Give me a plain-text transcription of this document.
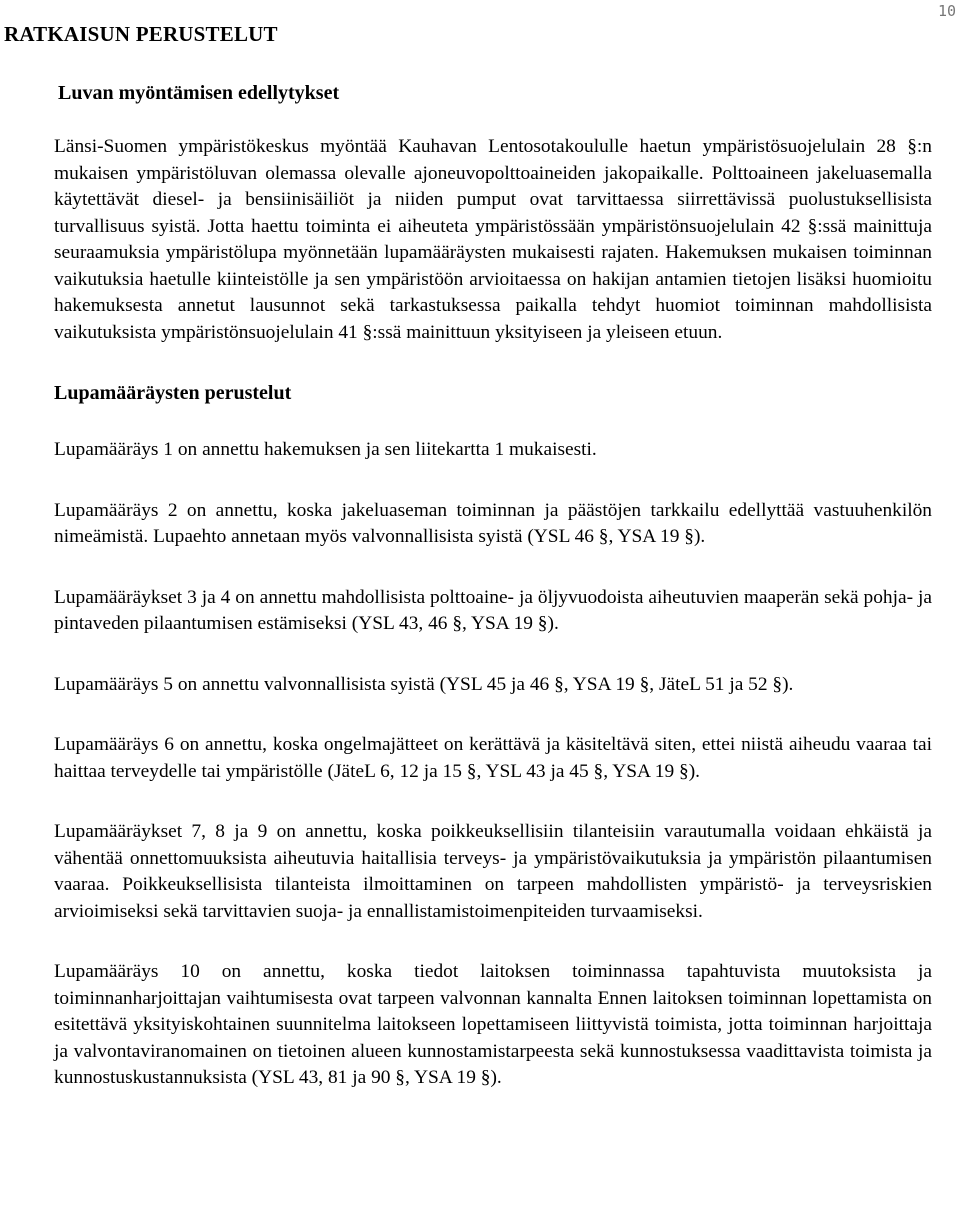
10
RATKAISUN PERUSTELUT
Luvan myöntämisen edellytykset

Länsi-Suomen ympäristökeskus myöntää Kauhavan Lentosotakoululle haetun ympäristösuojelulain 28 §:n mukaisen ympäristöluvan olemassa olevalle ajoneuvopolttoaineiden jakopaikalle. Polttoaineen jakeluasemalla käytettävät diesel- ja bensiinisäiliöt ja niiden pumput ovat tarvittaessa siirrettävissä puolustuksellisista turvallisuus syistä. Jotta haettu toiminta ei aiheuteta ympäristössään ympäristönsuojelulain 42 §:ssä mainittuja seuraamuksia ympäristölupa myönnetään lupamääräysten mukaisesti rajaten. Hakemuksen mukaisen toiminnan vaikutuksia haetulle kiinteistölle ja sen ympäristöön arvioitaessa on hakijan antamien tietojen lisäksi huomioitu hakemuksesta annetut lausunnot sekä tarkastuksessa paikalla tehdyt huomiot toiminnan mahdollisista vaikutuksista ympäristönsuojelulain 41 §:ssä mainittuun yksityiseen ja yleiseen etuun.

Lupamääräysten perustelut

Lupamääräys 1 on annettu hakemuksen ja sen liitekartta 1 mukaisesti.

Lupamääräys 2 on annettu, koska jakeluaseman toiminnan ja päästöjen tarkkailu edellyttää vastuuhenkilön nimeämistä. Lupaehto annetaan myös valvonnallisista syistä (YSL 46 §, YSA 19 §).

Lupamääräykset 3 ja 4 on annettu mahdollisista polttoaine- ja öljyvuodoista aiheutuvien maaperän sekä pohja- ja pintaveden pilaantumisen estämiseksi (YSL 43, 46 §, YSA 19 §).

Lupamääräys 5 on annettu valvonnallisista syistä (YSL 45 ja 46 §, YSA 19 §, JäteL 51 ja 52 §).

Lupamääräys 6 on annettu, koska ongelmajätteet on kerättävä ja käsiteltävä siten, ettei niistä aiheudu vaaraa tai haittaa terveydelle tai ympäristölle (JäteL 6, 12 ja 15 §, YSL 43 ja 45 §, YSA 19 §).

Lupamääräykset 7, 8 ja 9 on annettu, koska poikkeuksellisiin tilanteisiin varautumalla voidaan ehkäistä ja vähentää onnettomuuksista aiheutuvia haitallisia terveys- ja ympäristövaikutuksia ja ympäristön pilaantumisen vaaraa. Poikkeuksellisista tilanteista ilmoittaminen on tarpeen mahdollisten ympäristö- ja terveysriskien arvioimiseksi sekä tarvittavien suoja- ja ennallistamistoimenpiteiden turvaamiseksi.

Lupamääräys 10 on annettu, koska tiedot laitoksen toiminnassa tapahtuvista muutoksista ja toiminnanharjoittajan vaihtumisesta ovat tarpeen valvonnan kannalta Ennen laitoksen toiminnan lopettamista on esitettävä yksityiskohtainen suunnitelma laitokseen lopettamiseen liittyvistä toimista, jotta toiminnan harjoittaja ja valvontaviranomainen on tietoinen alueen kunnostamistarpeesta sekä kunnostuksessa vaadittavista toimista ja kunnostuskustannuksista (YSL 43, 81 ja 90 §, YSA 19 §).
